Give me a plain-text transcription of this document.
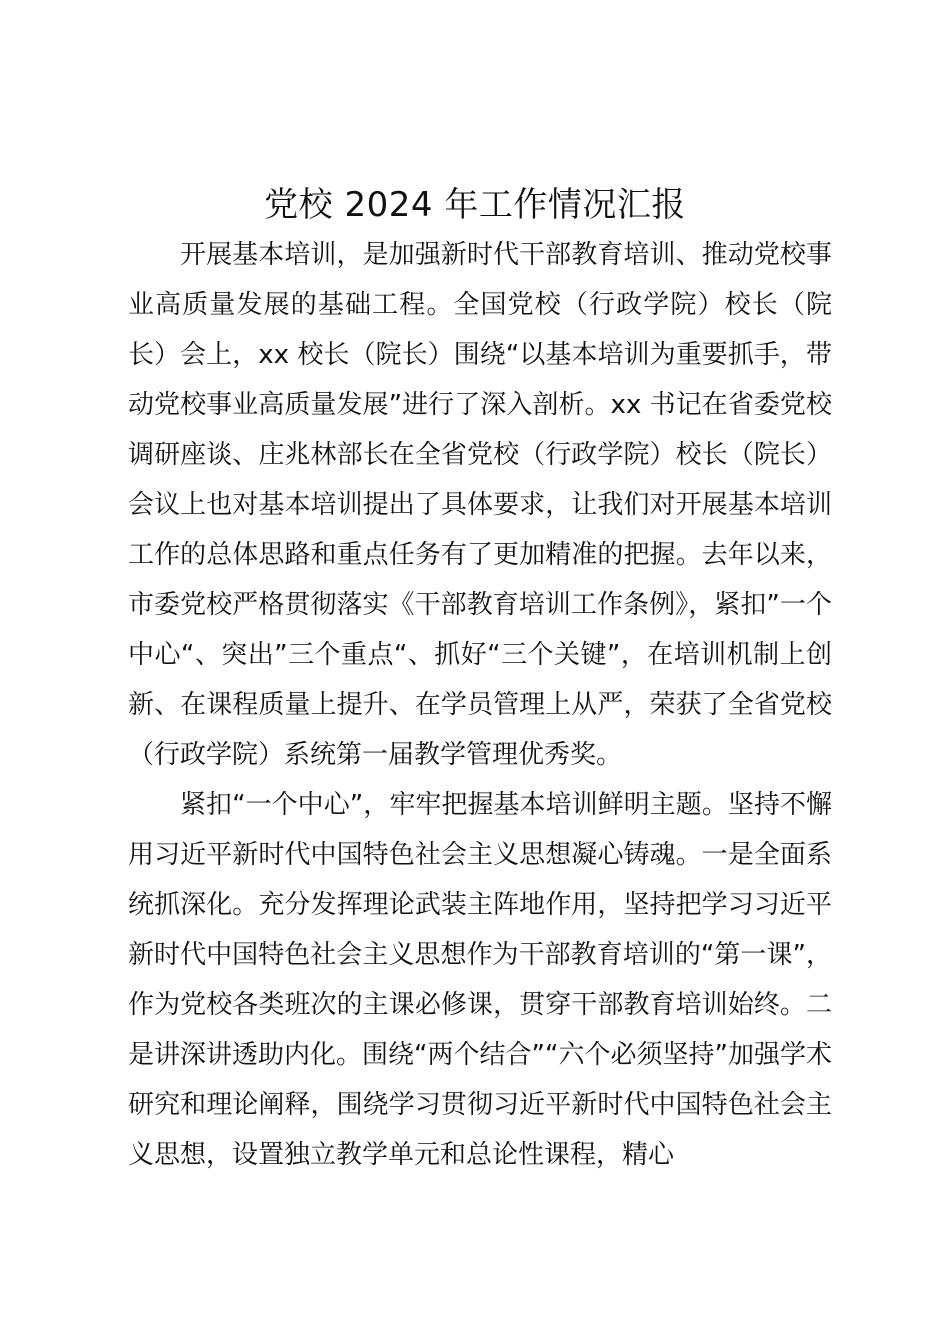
党校 2024 年工作情况汇报

开展基本培训，是加强新时代干部教育培训、推动党校事业高质量发展的基础工程。全国党校（行政学院）校长（院长）会上，xx 校长（院长）围绕“以基本培训为重要抓手，带动党校事业高质量发展”进行了深入剖析。xx 书记在省委党校调研座谈、庄兆林部长在全省党校（行政学院）校长（院长）会议上也对基本培训提出了具体要求，让我们对开展基本培训工作的总体思路和重点任务有了更加精准的把握。去年以来，市委党校严格贯彻落实《干部教育培训工作条例》，紧扣”一个中心“、突出”三个重点“、抓好“三个关键”，在培训机制上创新、在课程质量上提升、在学员管理上从严，荣获了全省党校（行政学院）系统第一届教学管理优秀奖。

紧扣“一个中心”，牢牢把握基本培训鲜明主题。坚持不懈用习近平新时代中国特色社会主义思想凝心铸魂。一是全面系统抓深化。充分发挥理论武装主阵地作用，坚持把学习习近平新时代中国特色社会主义思想作为干部教育培训的“第一课”，作为党校各类班次的主课必修课，贯穿干部教育培训始终。二是讲深讲透助内化。围绕“两个结合”“六个必须坚持”加强学术研究和理论阐释，围绕学习贯彻习近平新时代中国特色社会主义思想，设置独立教学单元和总论性课程，精心
